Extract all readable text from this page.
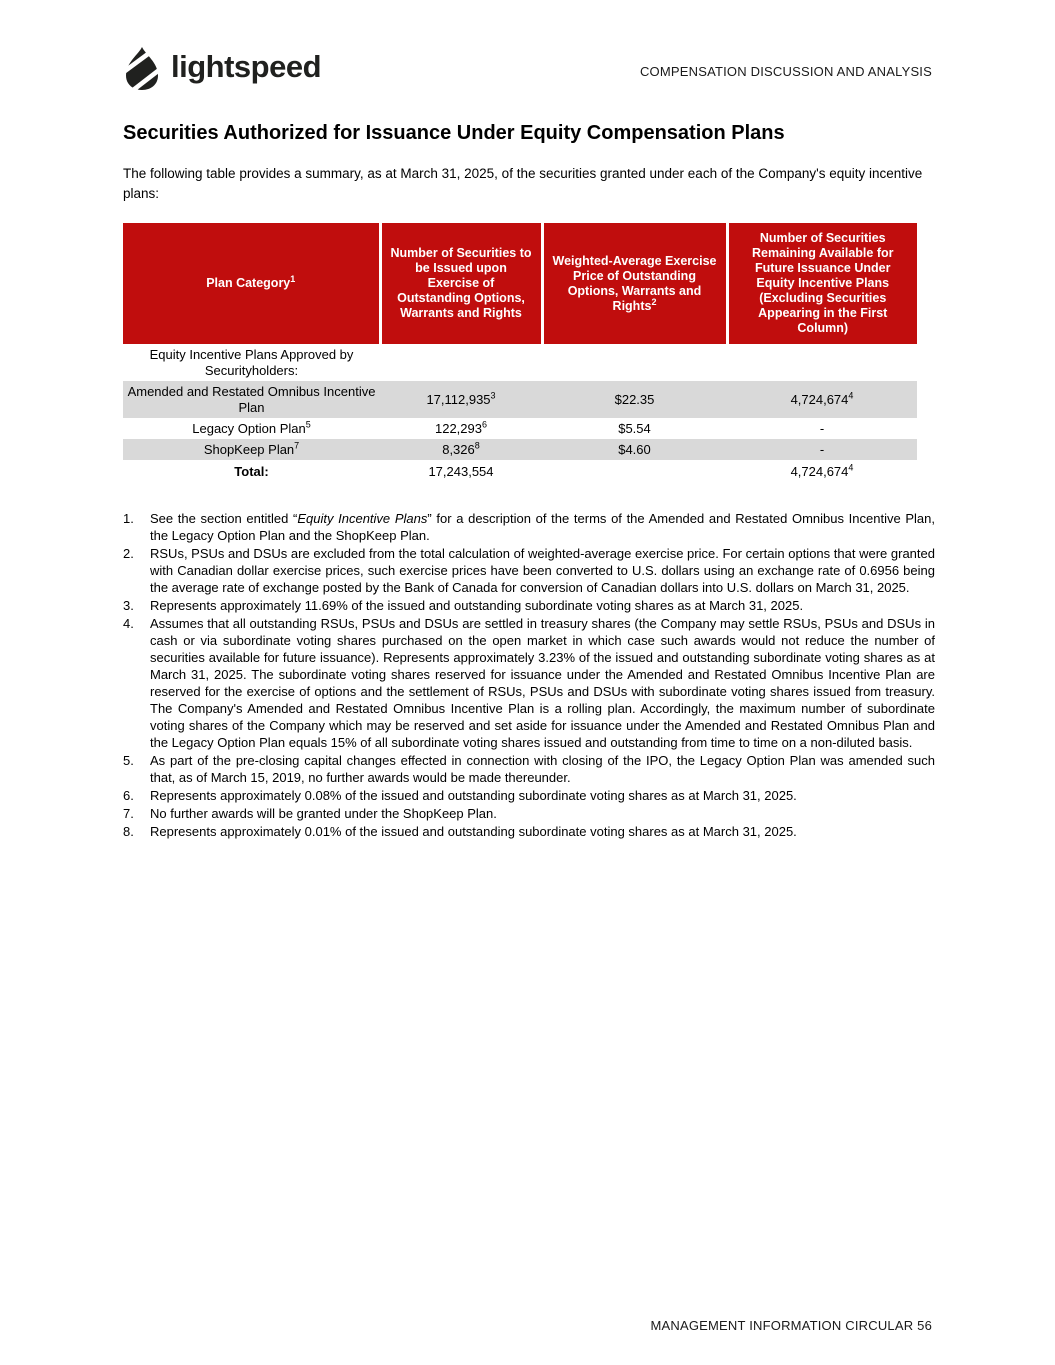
lightspeed	COMPENSATION DISCUSSION AND ANALYSIS
Securities Authorized for Issuance Under Equity Compensation Plans

The following table provides a summary, as at March 31, 2025, of the securities granted under each of the Company's equity incentive plans:

Plan Category$^1$	Number of Securities to be Issued upon Exercise of Outstanding Options, Warrants and Rights	Weighted-Average Exercise Price of Outstanding Options, Warrants and Rights$^2$	Number of Securities Remaining Available for Future Issuance Under Equity Incentive Plans (Excluding Securities Appearing in the First Column)
Equity Incentive Plans Approved by Securityholders:			
Amended and Restated Omnibus Incentive Plan	17,112,935$^3$	$22.35	4,724,674$^4$
Legacy Option Plan$^5$	122,293$^6$	$5.54	-
ShopKeep Plan$^7$	8,326$^8$	$4.60	-
Total:	17,243,554		4,724,674$^4$
1. See the section entitled “Equity Incentive Plans” for a description of the terms of the Amended and Restated Omnibus Incentive Plan, the Legacy Option Plan and the ShopKeep Plan.
2. RSUs, PSUs and DSUs are excluded from the total calculation of weighted-average exercise price. For certain options that were granted with Canadian dollar exercise prices, such exercise prices have been converted to U.S. dollars using an exchange rate of 0.6956 being the average rate of exchange posted by the Bank of Canada for conversion of Canadian dollars into U.S. dollars on March 31, 2025.
3. Represents approximately 11.69% of the issued and outstanding subordinate voting shares as at March 31, 2025.
4. Assumes that all outstanding RSUs, PSUs and DSUs are settled in treasury shares (the Company may settle RSUs, PSUs and DSUs in cash or via subordinate voting shares purchased on the open market in which case such awards would not reduce the number of securities available for future issuance). Represents approximately 3.23% of the issued and outstanding subordinate voting shares as at March 31, 2025. The subordinate voting shares reserved for issuance under the Amended and Restated Omnibus Incentive Plan are reserved for the exercise of options and the settlement of RSUs, PSUs and DSUs with subordinate voting shares issued from treasury. The Company's Amended and Restated Omnibus Incentive Plan is a rolling plan. Accordingly, the maximum number of subordinate voting shares of the Company which may be reserved and set aside for issuance under the Amended and Restated Omnibus Plan and the Legacy Option Plan equals 15% of all subordinate voting shares issued and outstanding from time to time on a non-diluted basis.
5. As part of the pre-closing capital changes effected in connection with closing of the IPO, the Legacy Option Plan was amended such that, as of March 15, 2019, no further awards would be made thereunder.
6. Represents approximately 0.08% of the issued and outstanding subordinate voting shares as at March 31, 2025.
7. No further awards will be granted under the ShopKeep Plan.
8. Represents approximately 0.01% of the issued and outstanding subordinate voting shares as at March 31, 2025.
MANAGEMENT INFORMATION CIRCULAR 56
